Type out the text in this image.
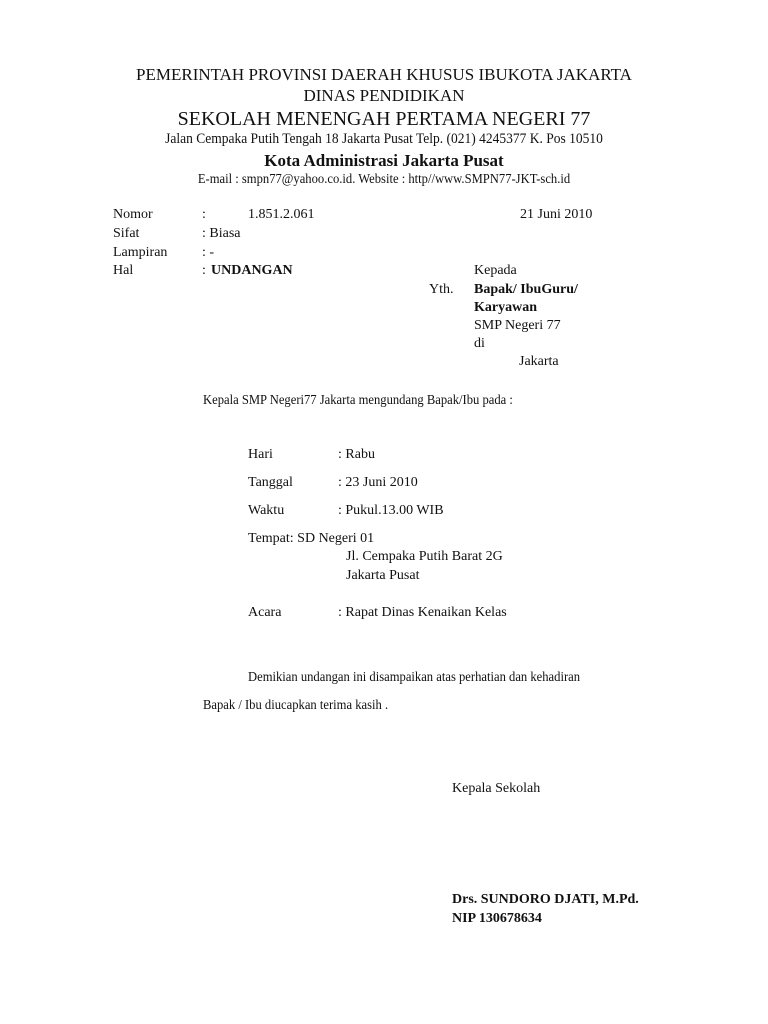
PEMERINTAH PROVINSI DAERAH KHUSUS IBUKOTA JAKARTA
DINAS PENDIDIKAN
SEKOLAH MENENGAH PERTAMA NEGERI 77
Jalan Cempaka Putih Tengah 18 Jakarta Pusat Telp. (021) 4245377 K. Pos 10510
Kota Administrasi Jakarta Pusat
E-mail : smpn77@yahoo.co.id. Website : http//www.SMPN77-JKT-sch.id
Nomor	:	1.851.2.061	21 Juni 2010
Sifat	: Biasa
Lampiran : -
Hal	: UNDANGAN	Kepada
Yth. Bapak/ IbuGuru/
Karyawan
SMP Negeri 77
di
Jakarta
Kepala SMP Negeri77 Jakarta mengundang Bapak/Ibu pada :
Hari	: Rabu
Tanggal	: 23 Juni 2010
Waktu	: Pukul.13.00 WIB
Tempat: SD Negeri 01
Jl. Cempaka Putih Barat 2G
Jakarta Pusat
Acara	: Rapat Dinas Kenaikan Kelas
Demikian undangan ini disampaikan atas perhatian dan kehadiran
Bapak / Ibu diucapkan terima kasih .
Kepala Sekolah
Drs. SUNDORO DJATI, M.Pd.
NIP 130678634
